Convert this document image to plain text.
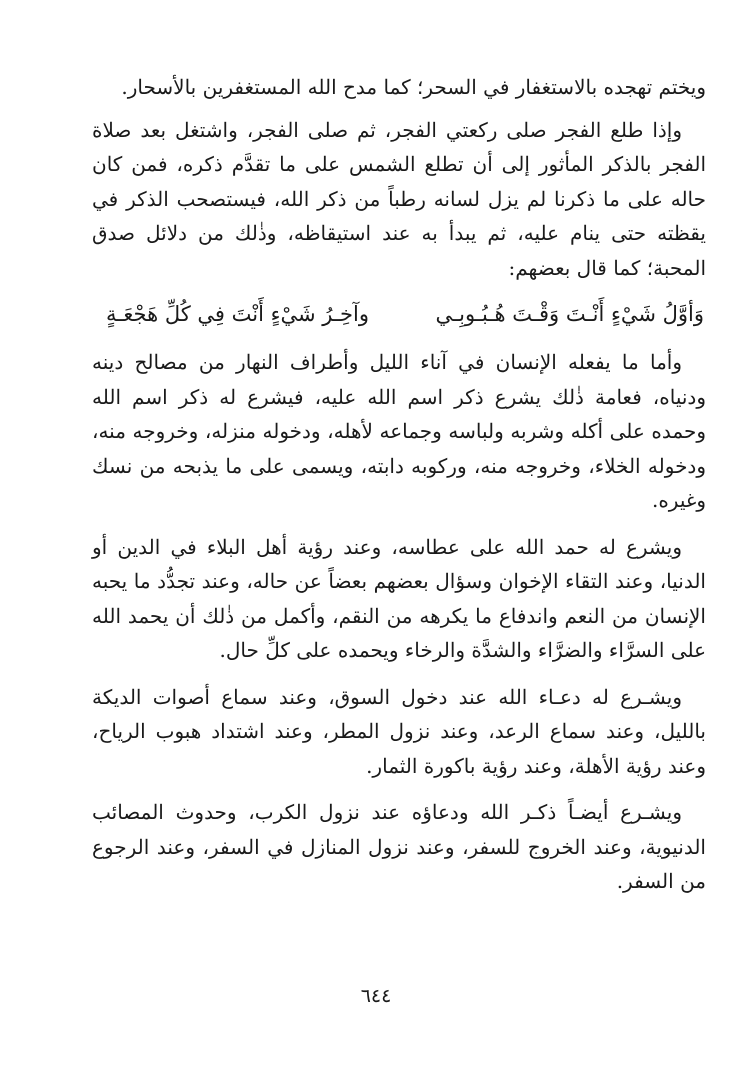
ويختم تهجده بالاستغفار في السحر؛ كما مدح الله المستغفرين بالأسحار.

وإذا طلع الفجر صلى ركعتي الفجر، ثم صلى الفجر، واشتغل بعد صلاة الفجر بالذكر المأثور إلى أن تطلع الشمس على ما تقدَّم ذكره، فمن كان حاله على ما ذكرنا لم يزل لسانه رطباً من ذكر الله، فيستصحب الذكر في يقظته حتى ينام عليه، ثم يبدأ به عند استيقاظه، وذٰلك من دلائل صدق المحبة؛ كما قال بعضهم:

وَأوَّلُ شَيْءٍ أَنْـتَ وَقْـتَ هُـبُـوبِـي
وآخِـرُ شَيْءٍ أَنْتَ فِي كُلِّ هَجْعَـةٍ

وأما ما يفعله الإنسان في آناء الليل وأطراف النهار من مصالح دينه ودنياه، فعامة ذٰلك يشرع ذكر اسم الله عليه، فيشرع له ذكر اسم الله وحمده على أكله وشربه ولباسه وجماعه لأهله، ودخوله منزله، وخروجه منه، ودخوله الخلاء، وخروجه منه، وركوبه دابته، ويسمى على ما يذبحه من نسك وغيره.

ويشرع له حمد الله على عطاسه، وعند رؤية أهل البلاء في الدين أو الدنيا، وعند التقاء الإخوان وسؤال بعضهم بعضاً عن حاله، وعند تجدُّد ما يحبه الإنسان من النعم واندفاع ما يكرهه من النقم، وأكمل من ذٰلك أن يحمد الله على السرَّاء والضرَّاء والشدَّة والرخاء ويحمده على كلِّ حال.

ويشـرع له دعـاء الله عند دخول السوق، وعند سماع أصوات الديكة بالليل، وعند سماع الرعد، وعند نزول المطر، وعند اشتداد هبوب الرياح، وعند رؤية الأهلة، وعند رؤية باكورة الثمار.

ويشـرع أيضـاً ذكـر الله ودعاؤه عند نزول الكرب، وحدوث المصائب الدنيوية، وعند الخروج للسفر، وعند نزول المنازل في السفر، وعند الرجوع من السفر.

٦٤٤
